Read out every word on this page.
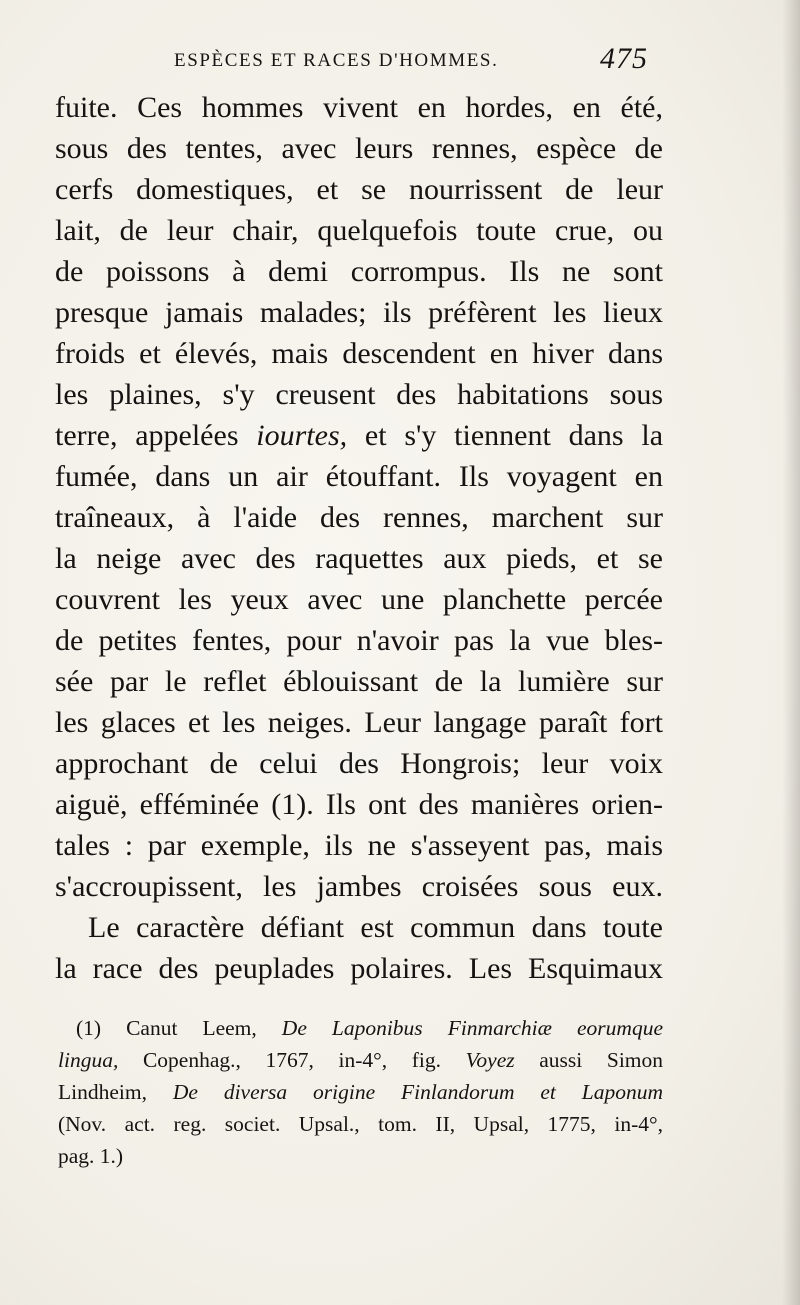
ESPÈCES ET RACES D'HOMMES.	475
fuite. Ces hommes vivent en hordes, en été,
sous des tentes, avec leurs rennes, espèce de
cerfs domestiques, et se nourrissent de leur
lait, de leur chair, quelquefois toute crue, ou
de poissons à demi corrompus. Ils ne sont
presque jamais malades; ils préfèrent les lieux
froids et élevés, mais descendent en hiver dans
les plaines, s'y creusent des habitations sous
terre, appelées iourtes, et s'y tiennent dans la
fumée, dans un air étouffant. Ils voyagent en
traîneaux, à l'aide des rennes, marchent sur
la neige avec des raquettes aux pieds, et se
couvrent les yeux avec une planchette percée
de petites fentes, pour n'avoir pas la vue bles-
sée par le reflet éblouissant de la lumière sur
les glaces et les neiges. Leur langage paraît fort
approchant de celui des Hongrois; leur voix
aiguë, efféminée (1). Ils ont des manières orien-
tales : par exemple, ils ne s'asseyent pas, mais
s'accroupissent, les jambes croisées sous eux.
Le caractère défiant est commun dans toute
la race des peuplades polaires. Les Esquimaux
(1) Canut Leem, De Laponibus Finmarchiæ eorumque
lingua, Copenhag., 1767, in-4°, fig. Voyez aussi Simon
Lindheim, De diversa origine Finlandorum et Laponum
(Nov. act. reg. societ. Upsal., tom. II, Upsal, 1775, in-4°,
pag. 1.)
